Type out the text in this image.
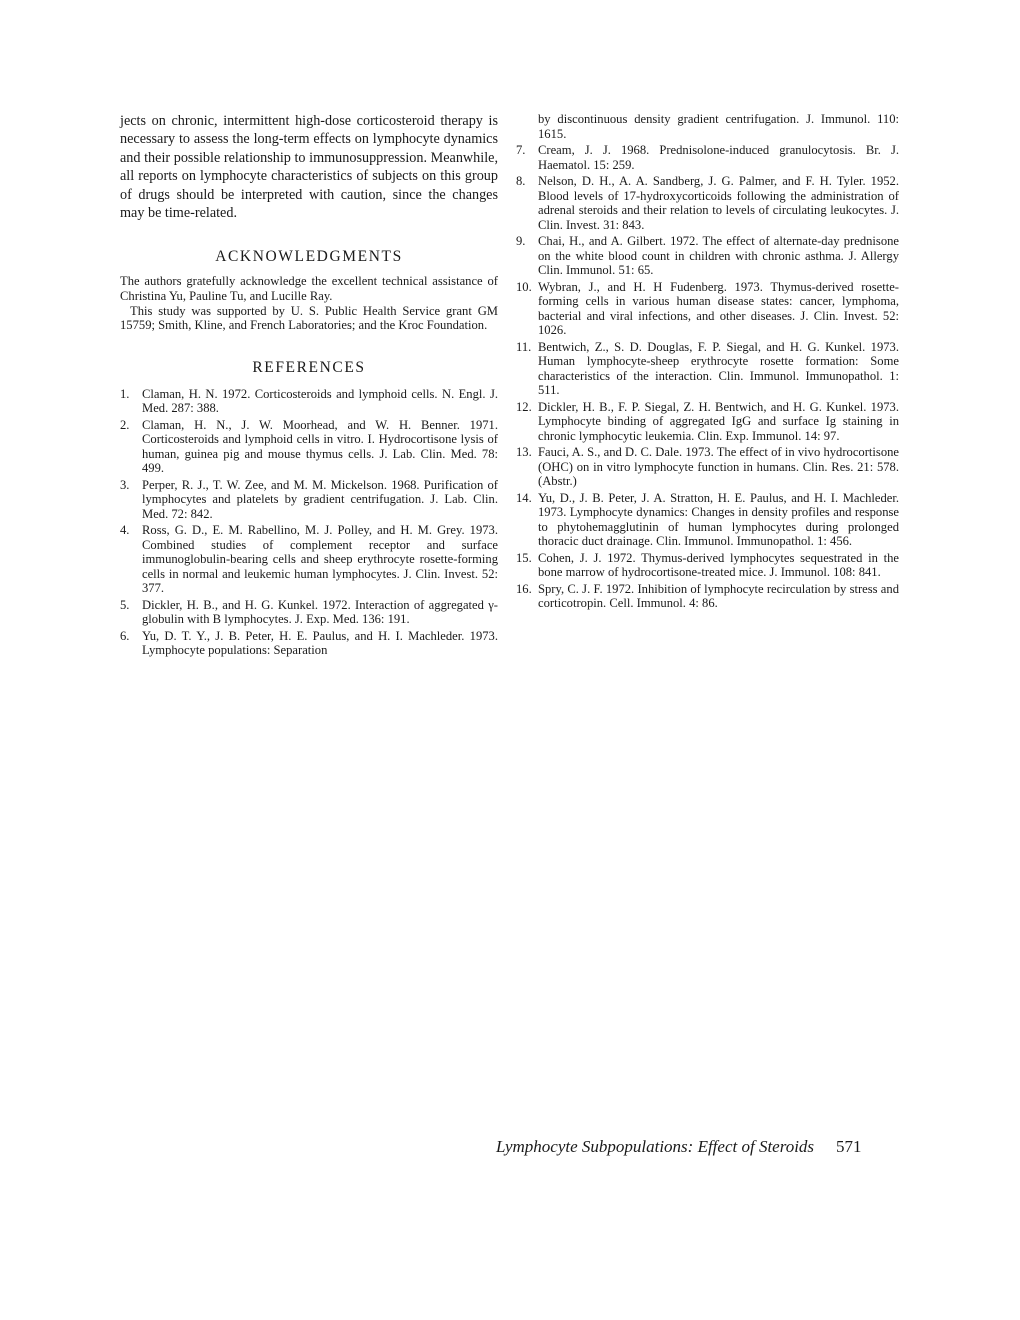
jects on chronic, intermittent high-dose corticosteroid therapy is necessary to assess the long-term effects on lymphocyte dynamics and their possible relationship to immunosuppression. Meanwhile, all reports on lymphocyte characteristics of subjects on this group of drugs should be interpreted with caution, since the changes may be time-related.

ACKNOWLEDGMENTS

The authors gratefully acknowledge the excellent technical assistance of Christina Yu, Pauline Tu, and Lucille Ray.

This study was supported by U. S. Public Health Service grant GM 15759; Smith, Kline, and French Laboratories; and the Kroc Foundation.

REFERENCES
1. Claman, H. N. 1972. Corticosteroids and lymphoid cells. N. Engl. J. Med. 287: 388.
2. Claman, H. N., J. W. Moorhead, and W. H. Benner. 1971. Corticosteroids and lymphoid cells in vitro. I. Hydrocortisone lysis of human, guinea pig and mouse thymus cells. J. Lab. Clin. Med. 78: 499.
3. Perper, R. J., T. W. Zee, and M. M. Mickelson. 1968. Purification of lymphocytes and platelets by gradient centrifugation. J. Lab. Clin. Med. 72: 842.
4. Ross, G. D., E. M. Rabellino, M. J. Polley, and H. M. Grey. 1973. Combined studies of complement receptor and surface immunoglobulin-bearing cells and sheep erythrocyte rosette-forming cells in normal and leukemic human lymphocytes. J. Clin. Invest. 52: 377.
5. Dickler, H. B., and H. G. Kunkel. 1972. Interaction of aggregated γ-globulin with B lymphocytes. J. Exp. Med. 136: 191.
6. Yu, D. T. Y., J. B. Peter, H. E. Paulus, and H. I. Machleder. 1973. Lymphocyte populations: Separation

by discontinuous density gradient centrifugation. J. Immunol. 110: 1615.

7. Cream, J. J. 1968. Prednisolone-induced granulocytosis. Br. J. Haematol. 15: 259.
8. Nelson, D. H., A. A. Sandberg, J. G. Palmer, and F. H. Tyler. 1952. Blood levels of 17-hydroxycorticoids following the administration of adrenal steroids and their relation to levels of circulating leukocytes. J. Clin. Invest. 31: 843.
9. Chai, H., and A. Gilbert. 1972. The effect of alternate-day prednisone on the white blood count in children with chronic asthma. J. Allergy Clin. Immunol. 51: 65.
10. Wybran, J., and H. H Fudenberg. 1973. Thymus-derived rosette-forming cells in various human disease states: cancer, lymphoma, bacterial and viral infections, and other diseases. J. Clin. Invest. 52: 1026.
11. Bentwich, Z., S. D. Douglas, F. P. Siegal, and H. G. Kunkel. 1973. Human lymphocyte-sheep erythrocyte rosette formation: Some characteristics of the interaction. Clin. Immunol. Immunopathol. 1: 511.
12. Dickler, H. B., F. P. Siegal, Z. H. Bentwich, and H. G. Kunkel. 1973. Lymphocyte binding of aggregated IgG and surface Ig staining in chronic lymphocytic leukemia. Clin. Exp. Immunol. 14: 97.
13. Fauci, A. S., and D. C. Dale. 1973. The effect of in vivo hydrocortisone (OHC) on in vitro lymphocyte function in humans. Clin. Res. 21: 578. (Abstr.)
14. Yu, D., J. B. Peter, J. A. Stratton, H. E. Paulus, and H. I. Machleder. 1973. Lymphocyte dynamics: Changes in density profiles and response to phytohemagglutinin of human lymphocytes during prolonged thoracic duct drainage. Clin. Immunol. Immunopathol. 1: 456.
15. Cohen, J. J. 1972. Thymus-derived lymphocytes sequestrated in the bone marrow of hydrocortisone-treated mice. J. Immunol. 108: 841.
16. Spry, C. J. F. 1972. Inhibition of lymphocyte recirculation by stress and corticotropin. Cell. Immunol. 4: 86.
Lymphocyte Subpopulations: Effect of Steroids 571
